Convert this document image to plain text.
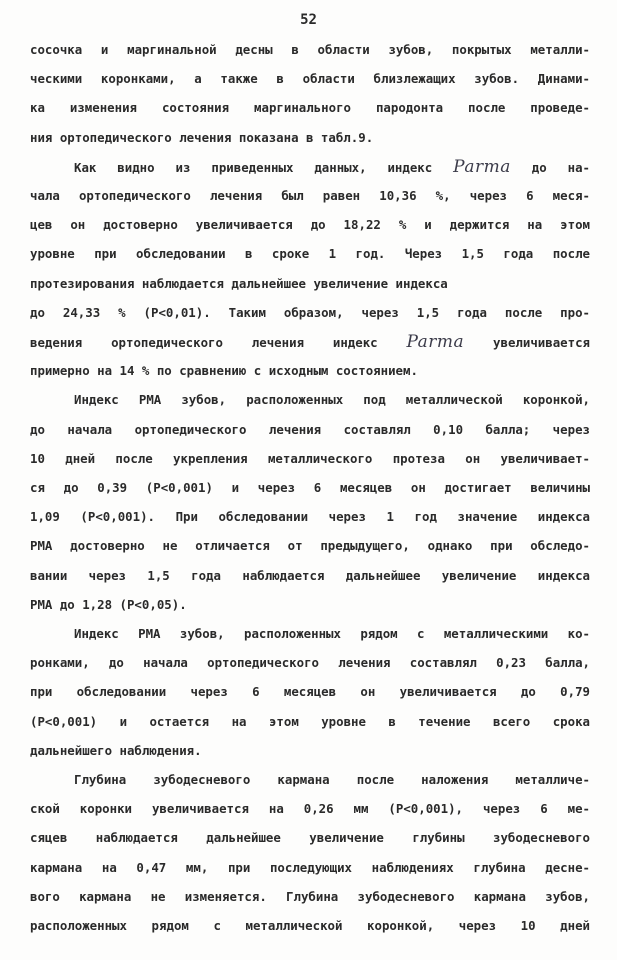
52
сосочка и маргинальной десны в области зубов, покрытых металли-
ческими коронками, а также в области близлежащих зубов. Динами-
ка изменения состояния маргинального пародонта после проведе-
ния ортопедического лечения показана в табл.9.
Как видно из приведенных данных, индекс Parma до на-
чала ортопедического лечения был равен 10,36 %, через 6 меся-
цев он достоверно увеличивается до 18,22 % и держится на этом
уровне при обследовании в сроке 1 год. Через 1,5 года после
протезирования наблюдается дальнейшее увеличение индекса
до 24,33 % (P<0,01). Таким образом, через 1,5 года после про-
ведения ортопедического лечения индекс Parma увеличивается
примерно на 14 % по сравнению с исходным состоянием.
Индекс PMA зубов, расположенных под металлической коронкой,
до начала ортопедического лечения составлял 0,10 балла; через
10 дней после укрепления металлического протеза он увеличивает-
ся до 0,39 (P<0,001) и через 6 месяцев он достигает величины
1,09 (P<0,001). При обследовании через 1 год значение индекса
PMA достоверно не отличается от предыдущего, однако при обследо-
вании через 1,5 года наблюдается дальнейшее увеличение индекса
PMA до 1,28 (P<0,05).
Индекс PMA зубов, расположенных рядом с металлическими ко-
ронками, до начала ортопедического лечения составлял 0,23 балла,
при обследовании через 6 месяцев он увеличивается до 0,79
(P<0,001) и остается на этом уровне в течение всего срока
дальнейшего наблюдения.
Глубина зубодесневого кармана после наложения металличе-
ской коронки увеличивается на 0,26 мм (P<0,001), через 6 ме-
сяцев наблюдается дальнейшее увеличение глубины зубодесневого
кармана на 0,47 мм, при последующих наблюдениях глубина десне-
вого кармана не изменяется. Глубина зубодесневого кармана зубов,
расположенных рядом с металлической коронкой, через 10 дней
